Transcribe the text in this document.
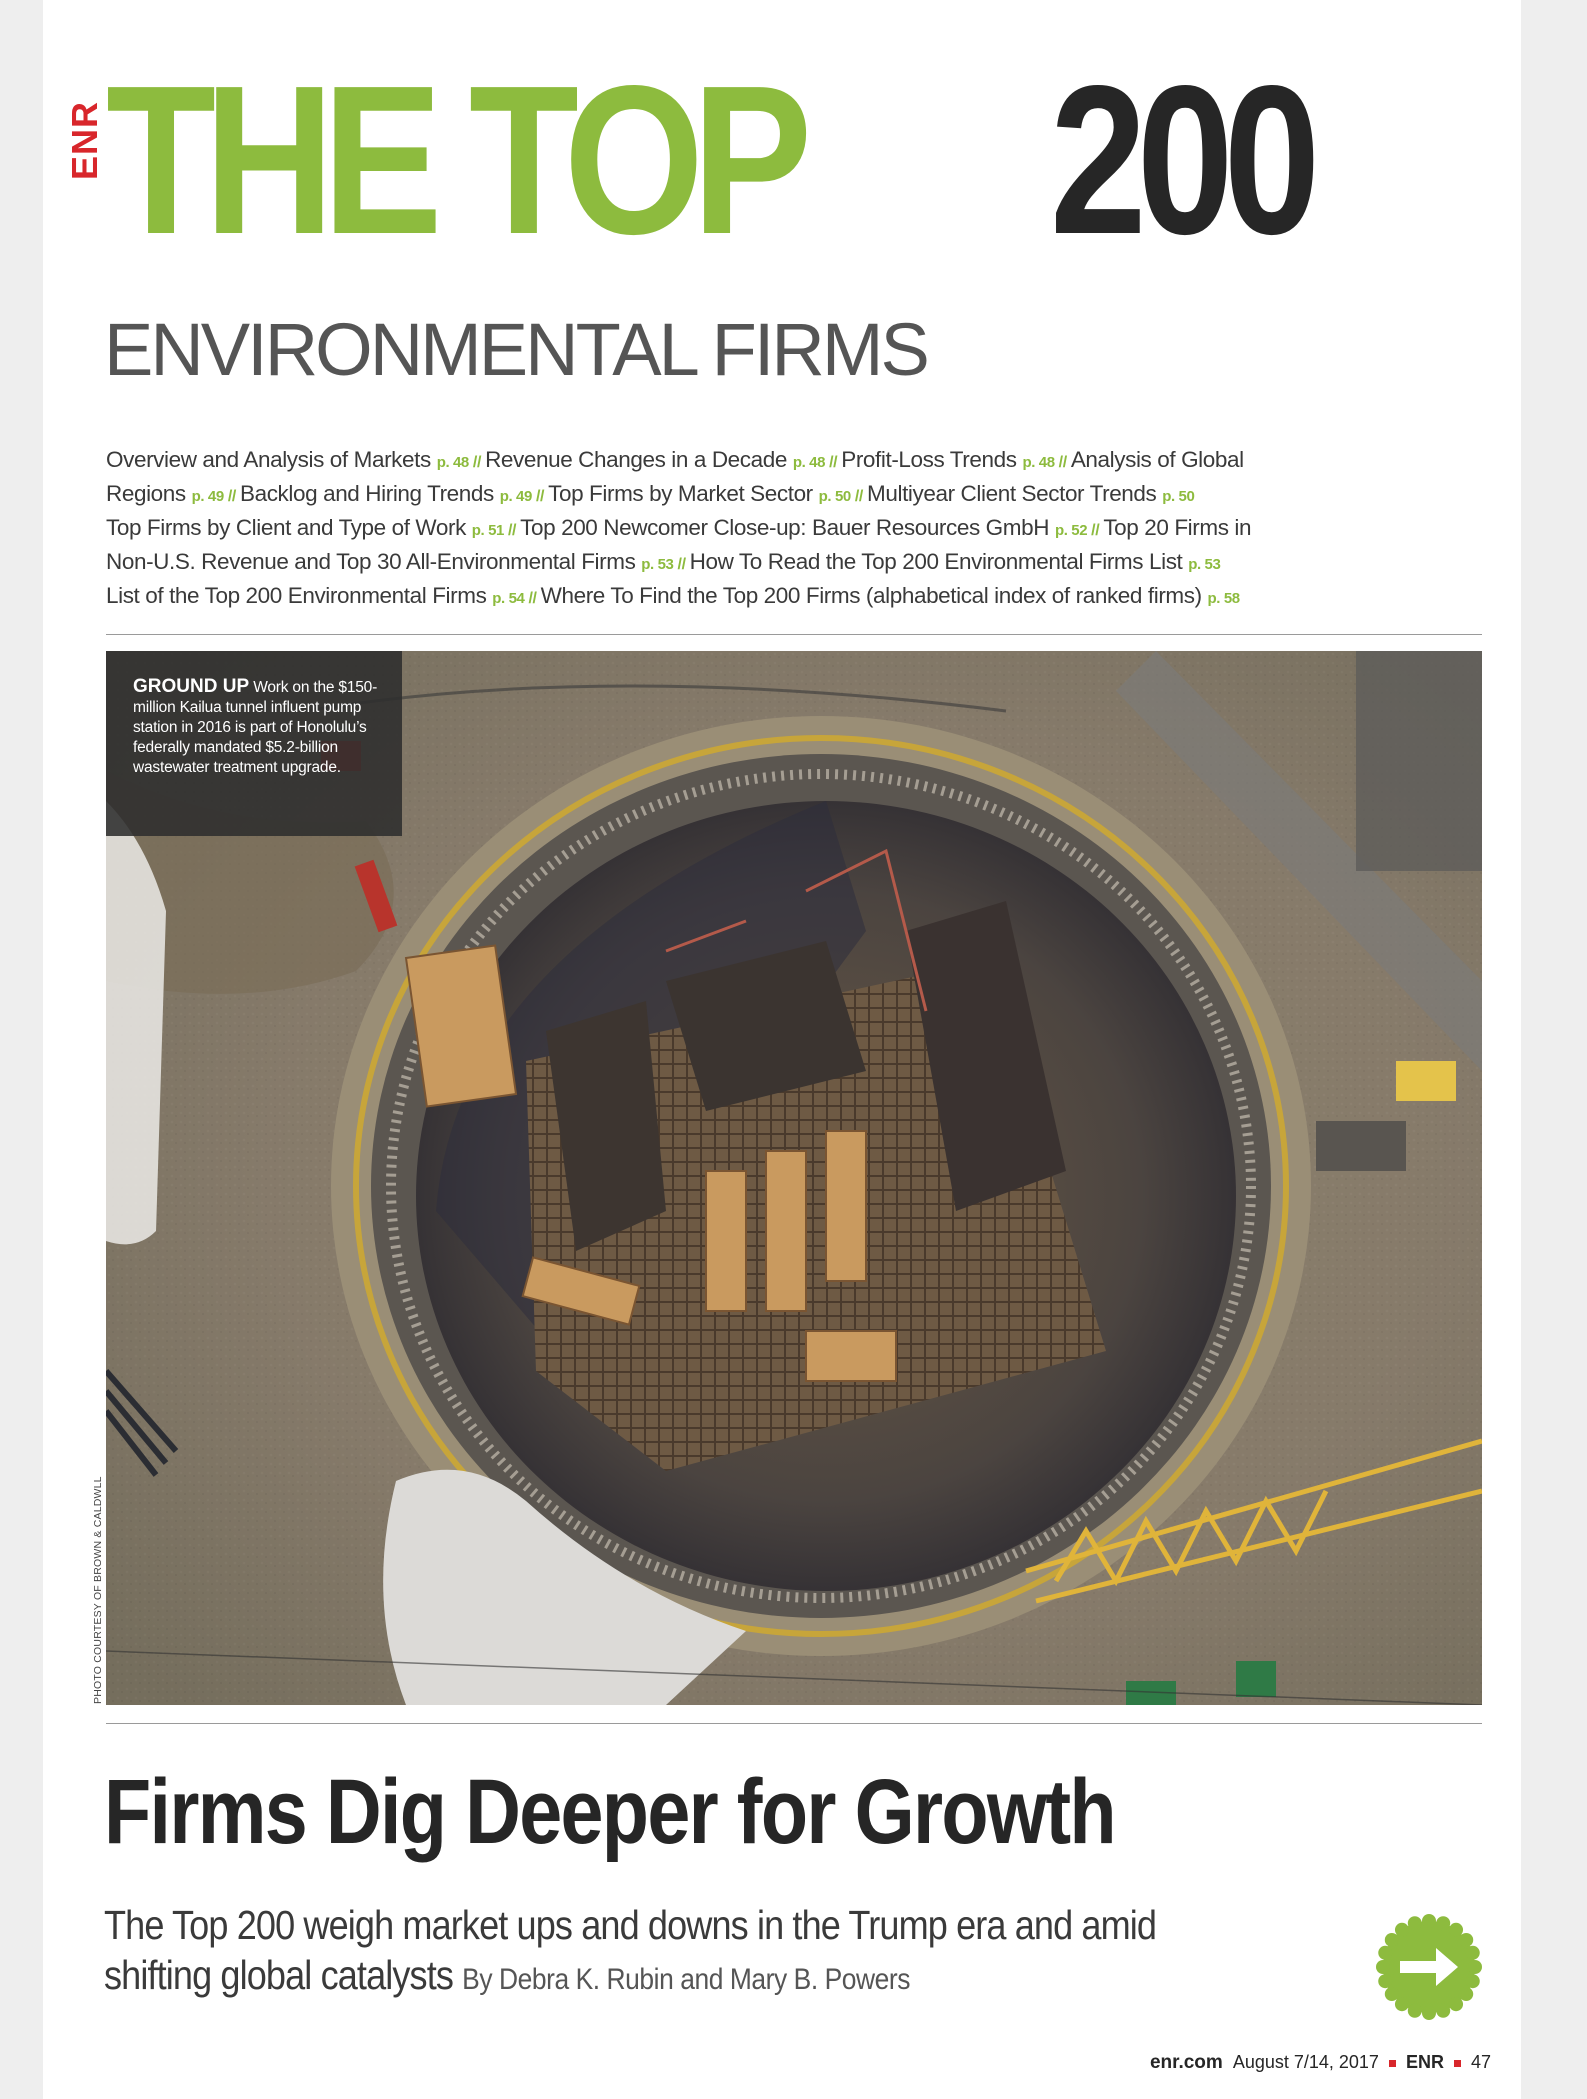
ENR THE TOP 200
ENVIRONMENTAL FIRMS
Overview and Analysis of Markets p. 48 // Revenue Changes in a Decade p. 48 // Profit-Loss Trends p. 48 // Analysis of Global
Regions p. 49 // Backlog and Hiring Trends p. 49 // Top Firms by Market Sector p. 50 // Multiyear Client Sector Trends p. 50
Top Firms by Client and Type of Work p. 51 // Top 200 Newcomer Close-up: Bauer Resources GmbH p. 52 // Top 20 Firms in
Non-U.S. Revenue and Top 30 All-Environmental Firms p. 53 // How To Read the Top 200 Environmental Firms List p. 53
List of the Top 200 Environmental Firms p. 54 // Where To Find the Top 200 Firms (alphabetical index of ranked firms) p. 58
GROUND UP Work on the $150-million Kailua tunnel influent pump station in 2016 is part of Honolulu’s federally mandated $5.2-billion wastewater treatment upgrade.
PHOTO COURTESY OF BROWN & CALDWLL
Firms Dig Deeper for Growth
The Top 200 weigh market ups and downs in the Trump era and amid
shifting global catalysts By Debra K. Rubin and Mary B. Powers
enr.com August 7/14, 2017 ENR 47
